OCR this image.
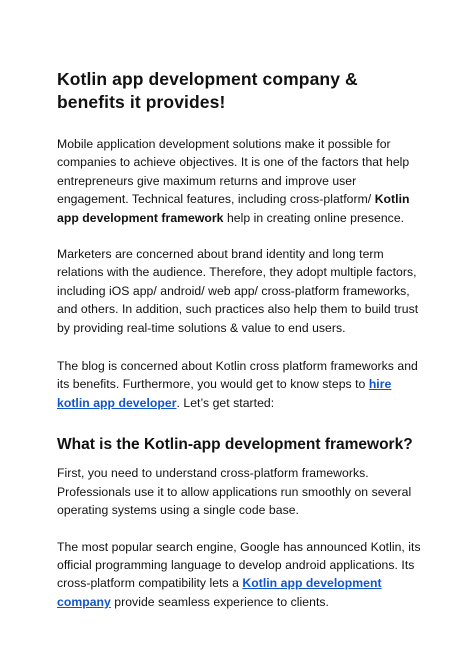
Kotlin app development company & benefits it provides!

Mobile application development solutions make it possible for companies to achieve objectives. It is one of the factors that help entrepreneurs give maximum returns and improve user engagement. Technical features, including cross-platform/ Kotlin app development framework help in creating online presence.

Marketers are concerned about brand identity and long term relations with the audience. Therefore, they adopt multiple factors, including iOS app/ android/ web app/ cross-platform frameworks, and others. In addition, such practices also help them to build trust by providing real-time solutions & value to end users.

The blog is concerned about Kotlin cross platform frameworks and its benefits. Furthermore, you would get to know steps to hire kotlin app developer. Let’s get started:

What is the Kotlin-app development framework?

First, you need to understand cross-platform frameworks. Professionals use it to allow applications run smoothly on several operating systems using a single code base.

The most popular search engine, Google has announced Kotlin, its official programming language to develop android applications. Its cross-platform compatibility lets a Kotlin app development company provide seamless experience to clients.
